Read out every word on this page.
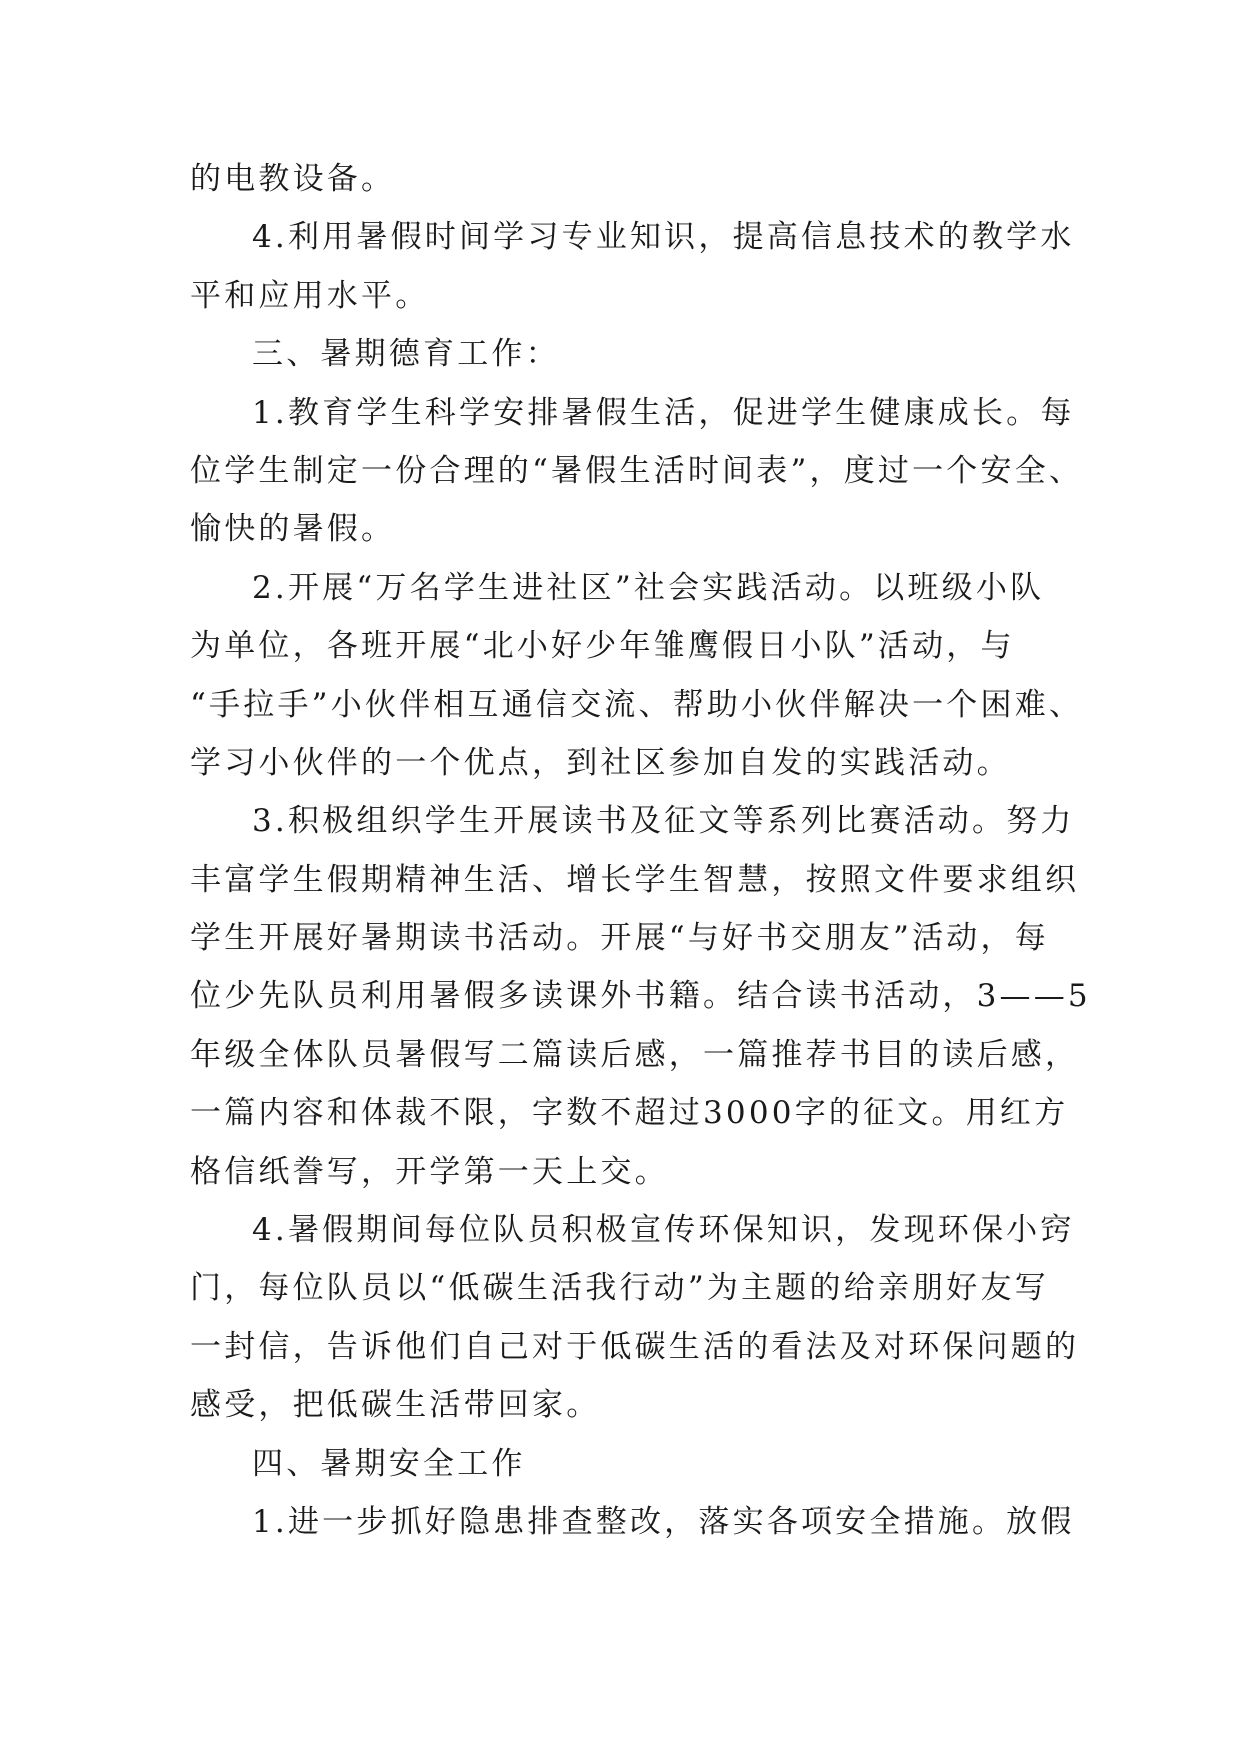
的电教设备。
4.利用暑假时间学习专业知识，提高信息技术的教学水
平和应用水平。
三、暑期德育工作：
1.教育学生科学安排暑假生活，促进学生健康成长。每
位学生制定一份合理的“暑假生活时间表”，度过一个安全、
愉快的暑假。
2.开展“万名学生进社区”社会实践活动。以班级小队
为单位，各班开展“北小好少年雏鹰假日小队”活动，与
“手拉手”小伙伴相互通信交流、帮助小伙伴解决一个困难、
学习小伙伴的一个优点，到社区参加自发的实践活动。
3.积极组织学生开展读书及征文等系列比赛活动。努力
丰富学生假期精神生活、增长学生智慧，按照文件要求组织
学生开展好暑期读书活动。开展“与好书交朋友”活动，每
位少先队员利用暑假多读课外书籍。结合读书活动，3——5
年级全体队员暑假写二篇读后感，一篇推荐书目的读后感，
一篇内容和体裁不限，字数不超过3000字的征文。用红方
格信纸誊写，开学第一天上交。
4.暑假期间每位队员积极宣传环保知识，发现环保小窍
门，每位队员以“低碳生活我行动”为主题的给亲朋好友写
一封信，告诉他们自己对于低碳生活的看法及对环保问题的
感受，把低碳生活带回家。
四、暑期安全工作
1.进一步抓好隐患排查整改，落实各项安全措施。放假
